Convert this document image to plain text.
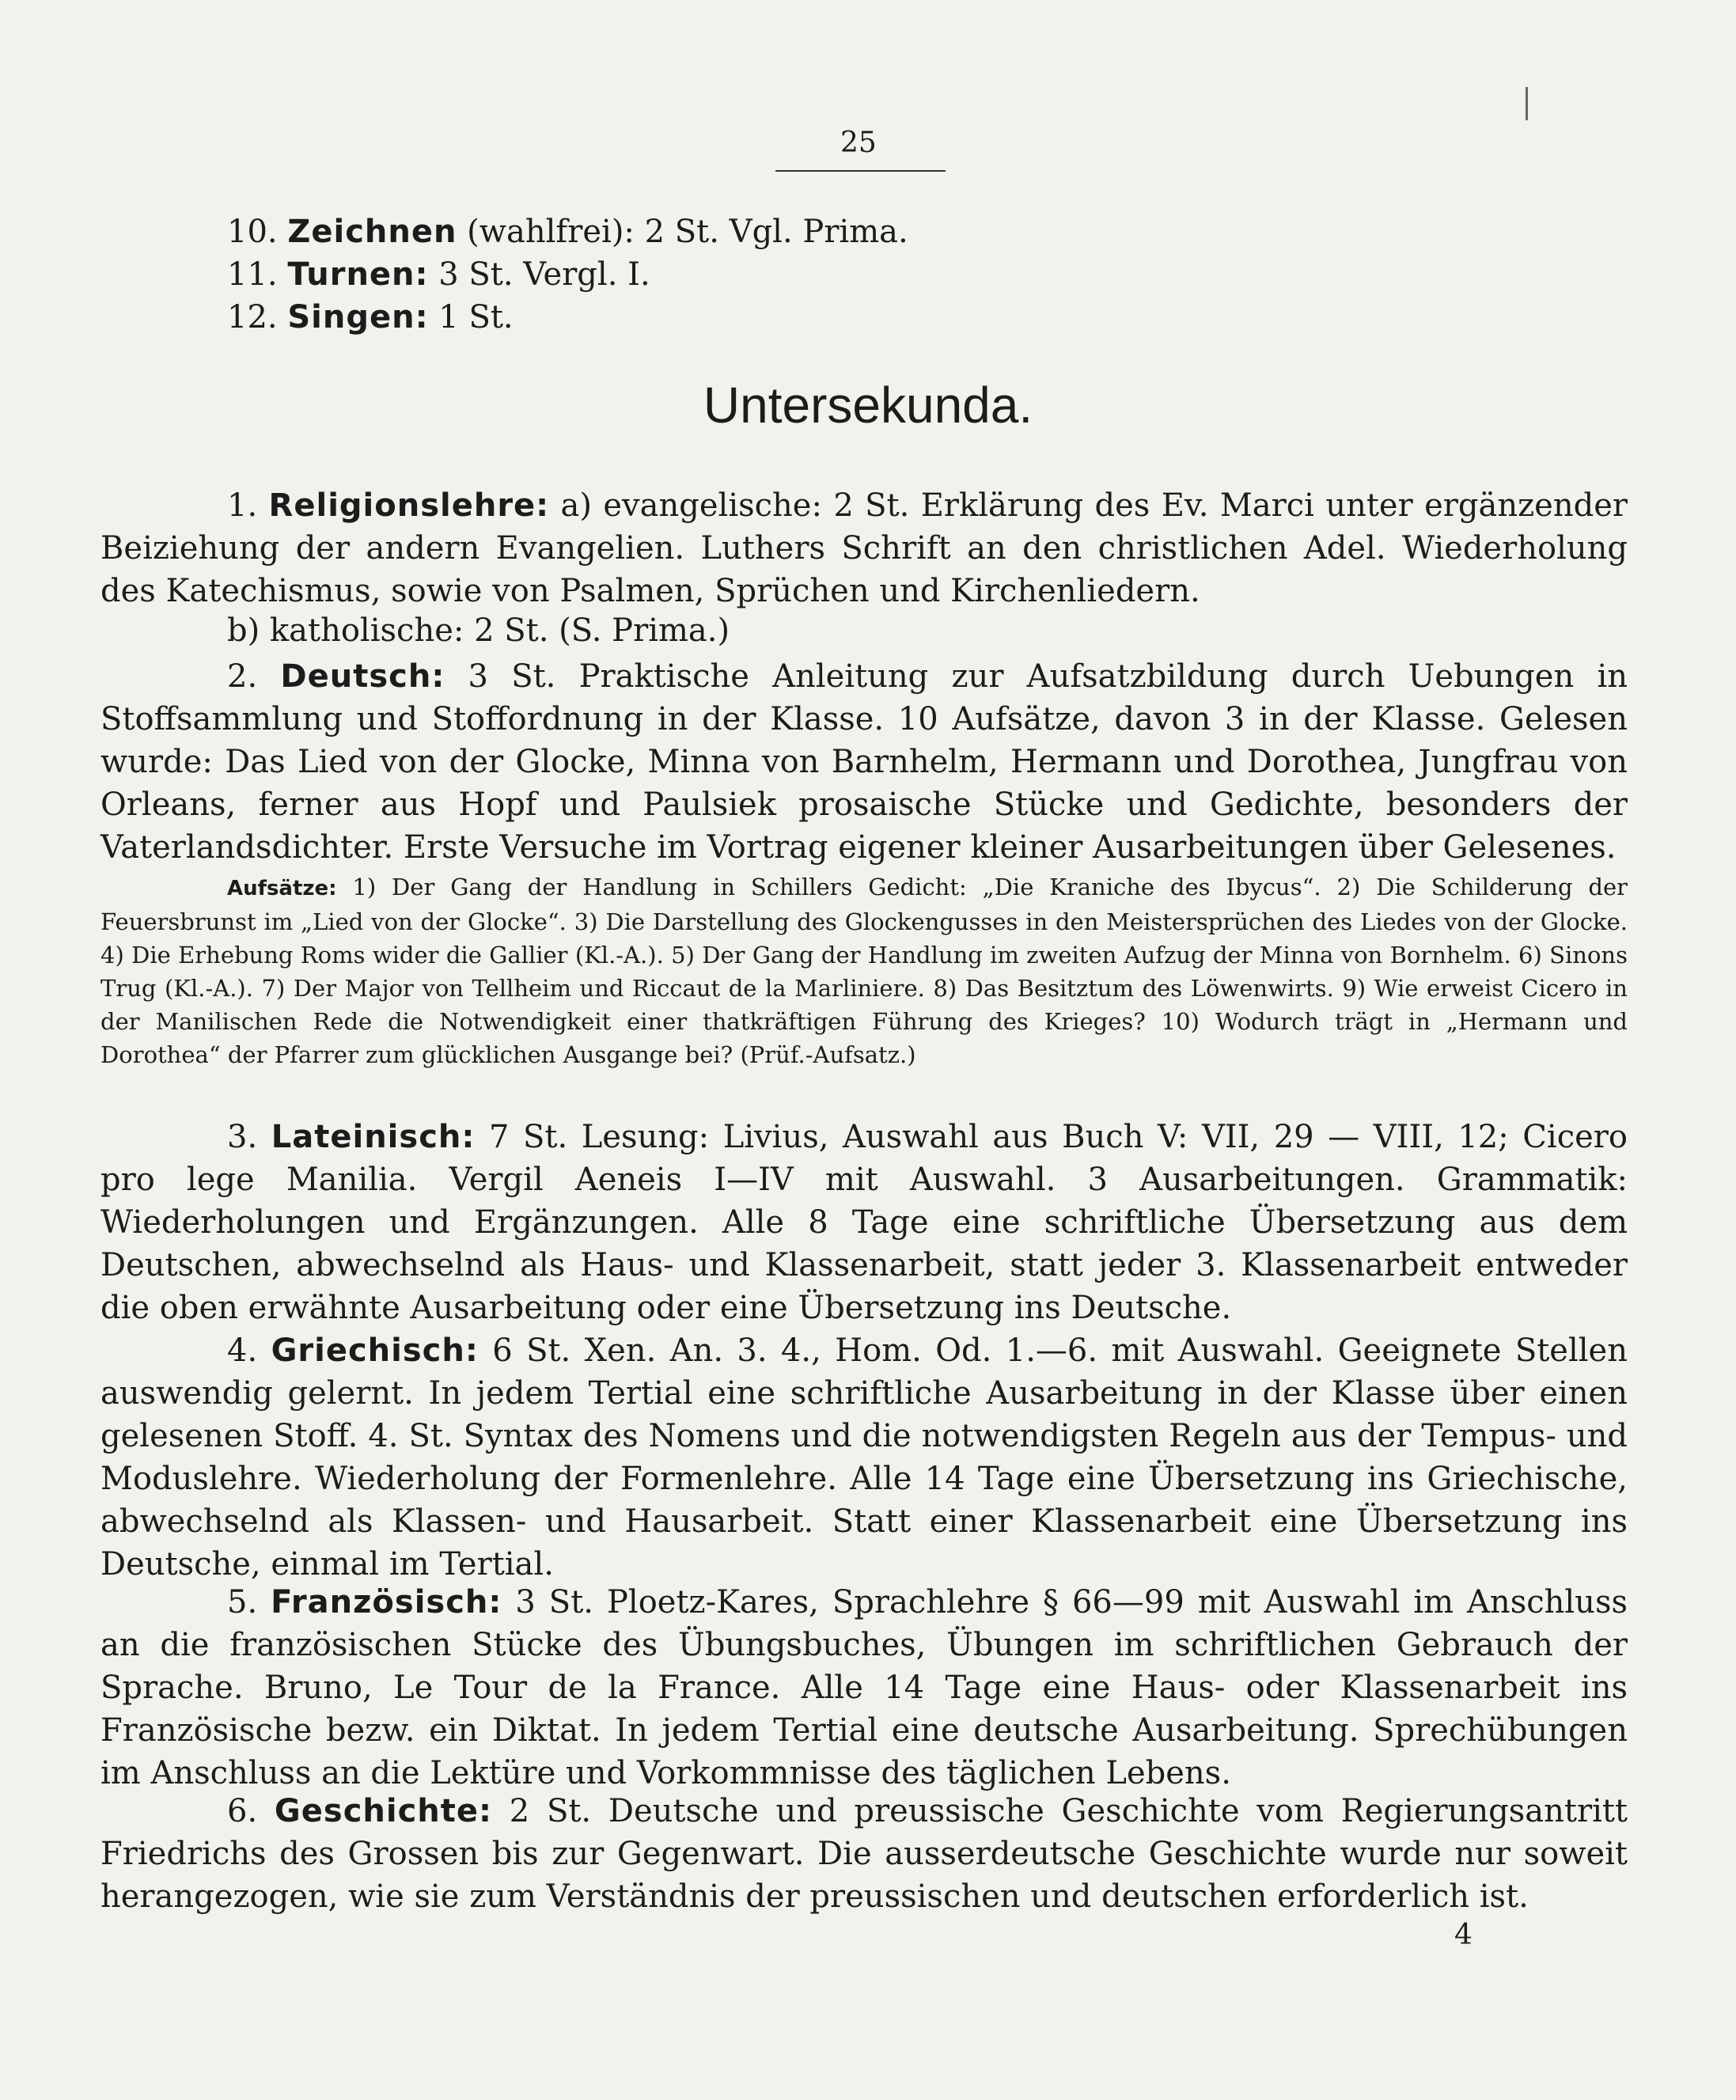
25
10. Zeichnen (wahlfrei): 2 St. Vgl. Prima.
11. Turnen: 3 St. Vergl. I.
12. Singen: 1 St.
Untersekunda.
1. Religionslehre: a) evangelische: 2 St. Erklärung des Ev. Marci unter ergänzender Beiziehung der andern Evangelien. Luthers Schrift an den christlichen Adel. Wiederholung des Katechismus, sowie von Psalmen, Sprüchen und Kirchenliedern.
b) katholische: 2 St. (S. Prima.)
2. Deutsch: 3 St. Praktische Anleitung zur Aufsatzbildung durch Uebungen in Stoffsammlung und Stoffordnung in der Klasse. 10 Aufsätze, davon 3 in der Klasse. Gelesen wurde: Das Lied von der Glocke, Minna von Barnhelm, Hermann und Dorothea, Jungfrau von Orleans, ferner aus Hopf und Paulsiek prosaische Stücke und Gedichte, besonders der Vaterlandsdichter. Erste Versuche im Vortrag eigener kleiner Ausarbeitungen über Gelesenes.
Aufsätze: 1) Der Gang der Handlung in Schillers Gedicht: „Die Kraniche des Ibycus“. 2) Die Schilderung der Feuersbrunst im „Lied von der Glocke“. 3) Die Darstellung des Glockengusses in den Meistersprüchen des Liedes von der Glocke. 4) Die Erhebung Roms wider die Gallier (Kl.-A.). 5) Der Gang der Handlung im zweiten Aufzug der Minna von Bornhelm. 6) Sinons Trug (Kl.-A.). 7) Der Major von Tellheim und Riccaut de la Marliniere. 8) Das Besitztum des Löwenwirts. 9) Wie erweist Cicero in der Manilischen Rede die Notwendigkeit einer thatkräftigen Führung des Krieges? 10) Wodurch trägt in „Hermann und Dorothea“ der Pfarrer zum glücklichen Ausgange bei? (Prüf.-Aufsatz.)
3. Lateinisch: 7 St. Lesung: Livius, Auswahl aus Buch V: VII, 29 — VIII, 12; Cicero pro lege Manilia. Vergil Aeneis I—IV mit Auswahl. 3 Ausarbeitungen. Grammatik: Wiederholungen und Ergänzungen. Alle 8 Tage eine schriftliche Übersetzung aus dem Deutschen, abwechselnd als Haus- und Klassenarbeit, statt jeder 3. Klassenarbeit entweder die oben erwähnte Ausarbeitung oder eine Übersetzung ins Deutsche.
4. Griechisch: 6 St. Xen. An. 3. 4., Hom. Od. 1.—6. mit Auswahl. Geeignete Stellen auswendig gelernt. In jedem Tertial eine schriftliche Ausarbeitung in der Klasse über einen gelesenen Stoff. 4. St. Syntax des Nomens und die notwendigsten Regeln aus der Tempus- und Moduslehre. Wiederholung der Formenlehre. Alle 14 Tage eine Übersetzung ins Griechische, abwechselnd als Klassen- und Hausarbeit. Statt einer Klassenarbeit eine Übersetzung ins Deutsche, einmal im Tertial.
5. Französisch: 3 St. Ploetz-Kares, Sprachlehre § 66—99 mit Auswahl im Anschluss an die französischen Stücke des Übungsbuches, Übungen im schriftlichen Gebrauch der Sprache. Bruno, Le Tour de la France. Alle 14 Tage eine Haus- oder Klassenarbeit ins Französische bezw. ein Diktat. In jedem Tertial eine deutsche Ausarbeitung. Sprechübungen im Anschluss an die Lektüre und Vorkommnisse des täglichen Lebens.
6. Geschichte: 2 St. Deutsche und preussische Geschichte vom Regierungsantritt Friedrichs des Grossen bis zur Gegenwart. Die ausserdeutsche Geschichte wurde nur soweit herangezogen, wie sie zum Verständnis der preussischen und deutschen erforderlich ist.
4
